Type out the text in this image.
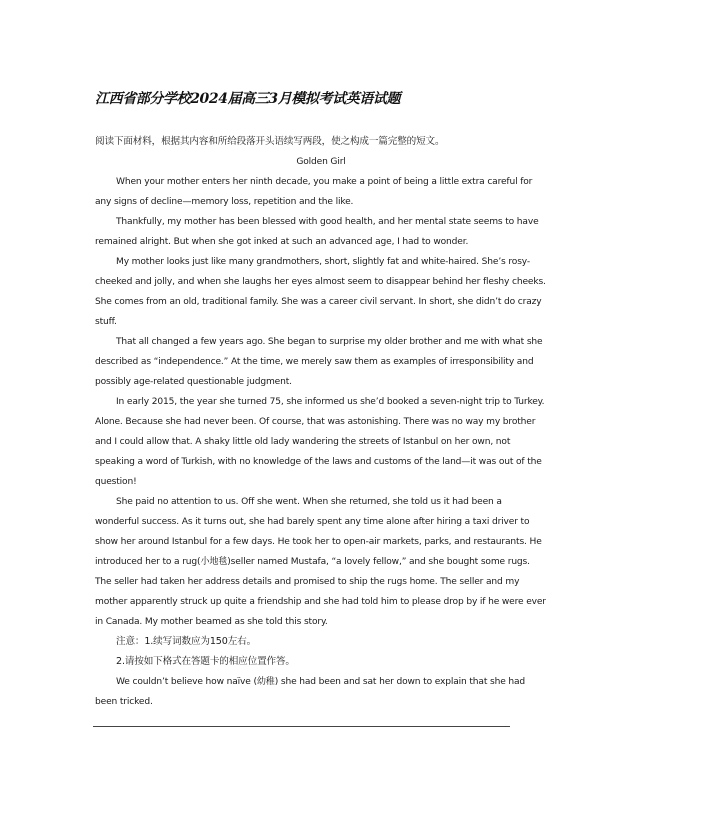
江西省部分学校2024届高三3月模拟考试英语试题

阅读下面材料，根据其内容和所给段落开头语续写两段，使之构成一篇完整的短文。

Golden Girl

When your mother enters her ninth decade, you make a point of being a little extra careful for any signs of decline—memory loss, repetition and the like.

Thankfully, my mother has been blessed with good health, and her mental state seems to have remained alright. But when she got inked at such an advanced age, I had to wonder.

My mother looks just like many grandmothers, short, slightly fat and white-haired. She’s rosy-cheeked and jolly, and when she laughs her eyes almost seem to disappear behind her fleshy cheeks. She comes from an old, traditional family. She was a career civil servant. In short, she didn’t do crazy stuff.

That all changed a few years ago. She began to surprise my older brother and me with what she described as “independence.” At the time, we merely saw them as examples of irresponsibility and possibly age-related questionable judgment.

In early 2015, the year she turned 75, she informed us she’d booked a seven-night trip to Turkey. Alone. Because she had never been. Of course, that was astonishing. There was no way my brother and I could allow that. A shaky little old lady wandering the streets of Istanbul on her own, not speaking a word of Turkish, with no knowledge of the laws and customs of the land—it was out of the question!

She paid no attention to us. Off she went. When she returned, she told us it had been a wonderful success. As it turns out, she had barely spent any time alone after hiring a taxi driver to show her around Istanbul for a few days. He took her to open-air markets, parks, and restaurants. He introduced her to a rug(小地毯)seller named Mustafa, “a lovely fellow,” and she bought some rugs. The seller had taken her address details and promised to ship the rugs home. The seller and my mother apparently struck up quite a friendship and she had told him to please drop by if he were ever in Canada. My mother beamed as she told this story.

注意：1.续写词数应为150左右。

2.请按如下格式在答题卡的相应位置作答。

We couldn’t believe how naïve (幼稚) she had been and sat her down to explain that she had been tricked.
